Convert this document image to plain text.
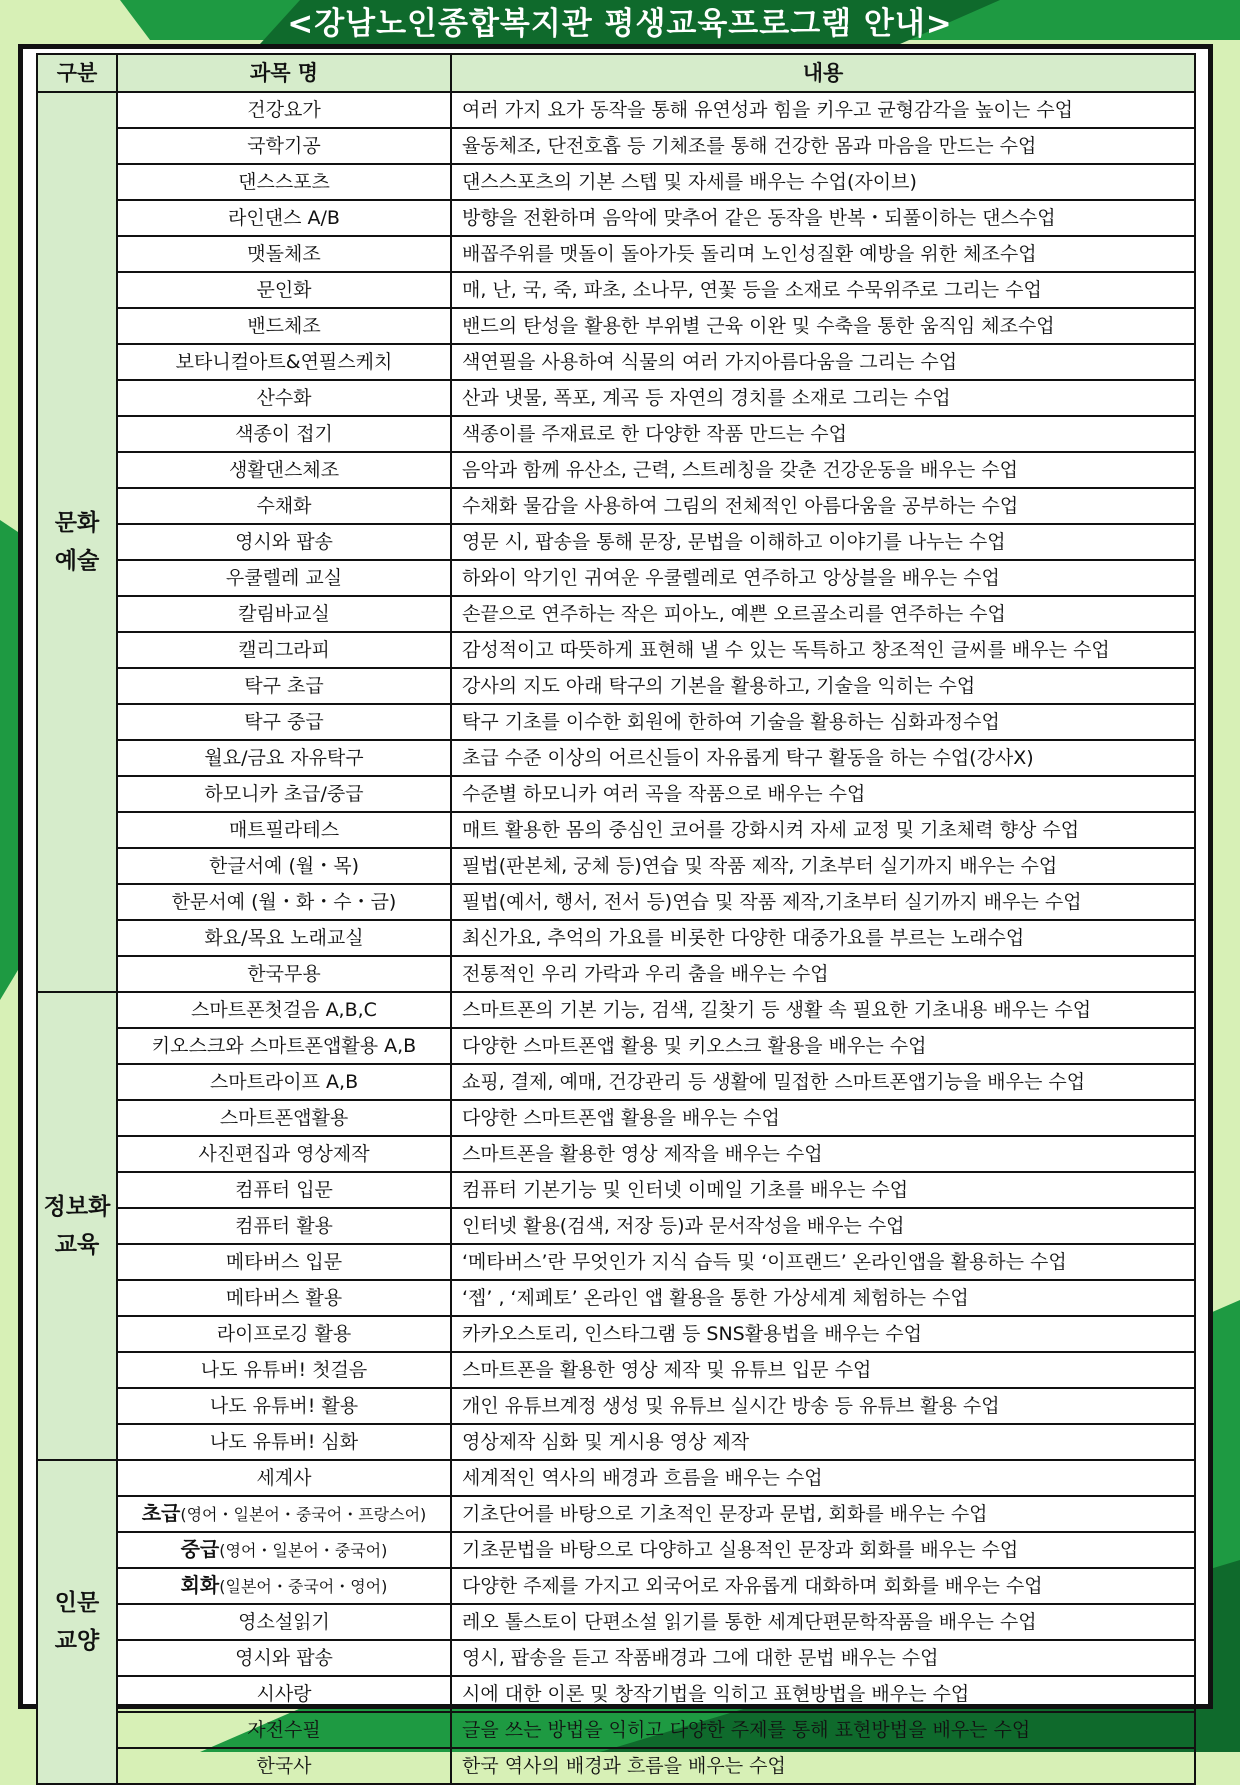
<강남노인종합복지관 평생교육프로그램 안내>
구분	과목 명	내용
문화
예술	건강요가	여러 가지 요가 동작을 통해 유연성과 힘을 키우고 균형감각을 높이는 수업
	국학기공	율동체조, 단전호흡 등 기체조를 통해 건강한 몸과 마음을 만드는 수업
	댄스스포츠	댄스스포츠의 기본 스텝 및 자세를 배우는 수업(자이브)
	라인댄스 A/B	방향을 전환하며 음악에 맞추어 같은 동작을 반복・되풀이하는 댄스수업
	맷돌체조	배꼽주위를 맷돌이 돌아가듯 돌리며 노인성질환 예방을 위한 체조수업
	문인화	매, 난, 국, 죽, 파초, 소나무, 연꽃 등을 소재로 수묵위주로 그리는 수업
	밴드체조	밴드의 탄성을 활용한 부위별 근육 이완 및 수축을 통한 움직임 체조수업
	보타니컬아트&연필스케치	색연필을 사용하여 식물의 여러 가지아름다움을 그리는 수업
	산수화	산과 냇물, 폭포, 계곡 등 자연의 경치를 소재로 그리는 수업
	색종이 접기	색종이를 주재료로 한 다양한 작품 만드는 수업
	생활댄스체조	음악과 함께 유산소, 근력, 스트레칭을 갖춘 건강운동을 배우는 수업
	수채화	수채화 물감을 사용하여 그림의 전체적인 아름다움을 공부하는 수업
	영시와 팝송	영문 시, 팝송을 통해 문장, 문법을 이해하고 이야기를 나누는 수업
	우쿨렐레 교실	하와이 악기인 귀여운 우쿨렐레로 연주하고 앙상블을 배우는 수업
	칼림바교실	손끝으로 연주하는 작은 피아노, 예쁜 오르골소리를 연주하는 수업
	캘리그라피	감성적이고 따뜻하게 표현해 낼 수 있는 독특하고 창조적인 글씨를 배우는 수업
	탁구 초급	강사의 지도 아래 탁구의 기본을 활용하고, 기술을 익히는 수업
	탁구 중급	탁구 기초를 이수한 회원에 한하여 기술을 활용하는 심화과정수업
	월요/금요 자유탁구	초급 수준 이상의 어르신들이 자유롭게 탁구 활동을 하는 수업(강사X)
	하모니카 초급/중급	수준별 하모니카 여러 곡을 작품으로 배우는 수업
	매트필라테스	매트 활용한 몸의 중심인 코어를 강화시켜 자세 교정 및 기초체력 향상 수업
	한글서예 (월・목)	필법(판본체, 궁체 등)연습 및 작품 제작, 기초부터 실기까지 배우는 수업
	한문서예 (월・화・수・금)	필법(예서, 행서, 전서 등)연습 및 작품 제작,기초부터 실기까지 배우는 수업
	화요/목요 노래교실	최신가요, 추억의 가요를 비롯한 다양한 대중가요를 부르는 노래수업
	한국무용	전통적인 우리 가락과 우리 춤을 배우는 수업
정보화
교육	스마트폰첫걸음 A,B,C	스마트폰의 기본 기능, 검색, 길찾기 등 생활 속 필요한 기초내용 배우는 수업
	키오스크와 스마트폰앱활용 A,B	다양한 스마트폰앱 활용 및 키오스크 활용을 배우는 수업
	스마트라이프 A,B	쇼핑, 결제, 예매, 건강관리 등 생활에 밀접한 스마트폰앱기능을 배우는 수업
	스마트폰앱활용	다양한 스마트폰앱 활용을 배우는 수업
	사진편집과 영상제작	스마트폰을 활용한 영상 제작을 배우는 수업
	컴퓨터 입문	컴퓨터 기본기능 및 인터넷 이메일 기초를 배우는 수업
	컴퓨터 활용	인터넷 활용(검색, 저장 등)과 문서작성을 배우는 수업
	메타버스 입문	‘메타버스’란 무엇인가 지식 습득 및 ‘이프랜드’ 온라인앱을 활용하는 수업
	메타버스 활용	‘젭’ , ‘제페토’ 온라인 앱 활용을 통한 가상세계 체험하는 수업
	라이프로깅 활용	카카오스토리, 인스타그램 등 SNS활용법을 배우는 수업
	나도 유튜버! 첫걸음	스마트폰을 활용한 영상 제작 및 유튜브 입문 수업
	나도 유튜버! 활용	개인 유튜브계정 생성 및 유튜브 실시간 방송 등 유튜브 활용 수업
	나도 유튜버! 심화	영상제작 심화 및 게시용 영상 제작
인문
교양	세계사	세계적인 역사의 배경과 흐름을 배우는 수업
	초급(영어・일본어・중국어・프랑스어)	기초단어를 바탕으로 기초적인 문장과 문법, 회화를 배우는 수업
	중급(영어・일본어・중국어)	기초문법을 바탕으로 다양하고 실용적인 문장과 회화를 배우는 수업
	회화(일본어・중국어・영어)	다양한 주제를 가지고 외국어로 자유롭게 대화하며 회화를 배우는 수업
	영소설읽기	레오 톨스토이 단편소설 읽기를 통한 세계단편문학작품을 배우는 수업
	영시와 팝송	영시, 팝송을 듣고 작품배경과 그에 대한 문법 배우는 수업
	시사랑	시에 대한 이론 및 창작기법을 익히고 표현방법을 배우는 수업
	자전수필	글을 쓰는 방법을 익히고 다양한 주제를 통해 표현방법을 배우는 수업
	한국사	한국 역사의 배경과 흐름을 배우는 수업
